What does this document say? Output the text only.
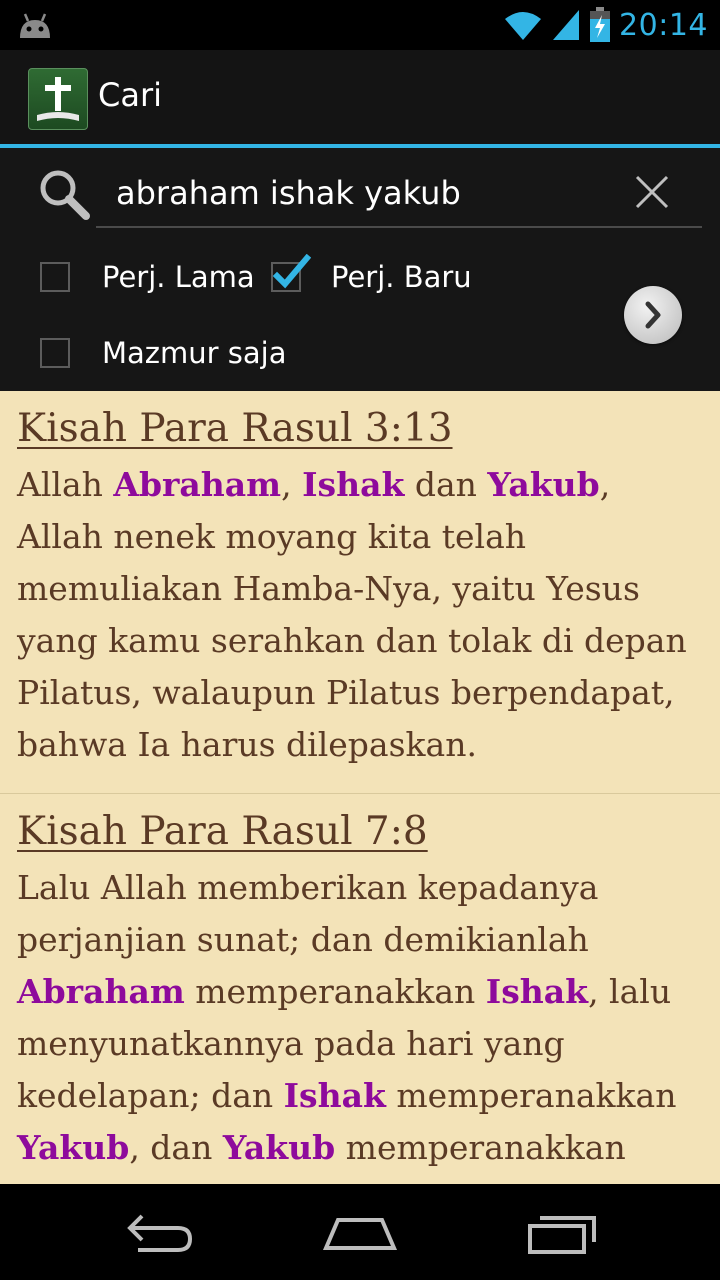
20:14
Cari
abraham ishak yakub
Perj. Lama	Perj. Baru
Mazmur saja
Kisah Para Rasul 3:13
Allah Abraham, Ishak dan Yakub, Allah nenek moyang kita telah memuliakan Hamba-Nya, yaitu Yesus yang kamu serahkan dan tolak di depan Pilatus, walaupun Pilatus berpendapat, bahwa Ia harus dilepaskan.
Kisah Para Rasul 7:8
Lalu Allah memberikan kepadanya perjanjian sunat; dan demikianlah Abraham memperanakkan Ishak, lalu menyunatkannya pada hari yang kedelapan; dan Ishak memperanakkan Yakub, dan Yakub memperanakkan
